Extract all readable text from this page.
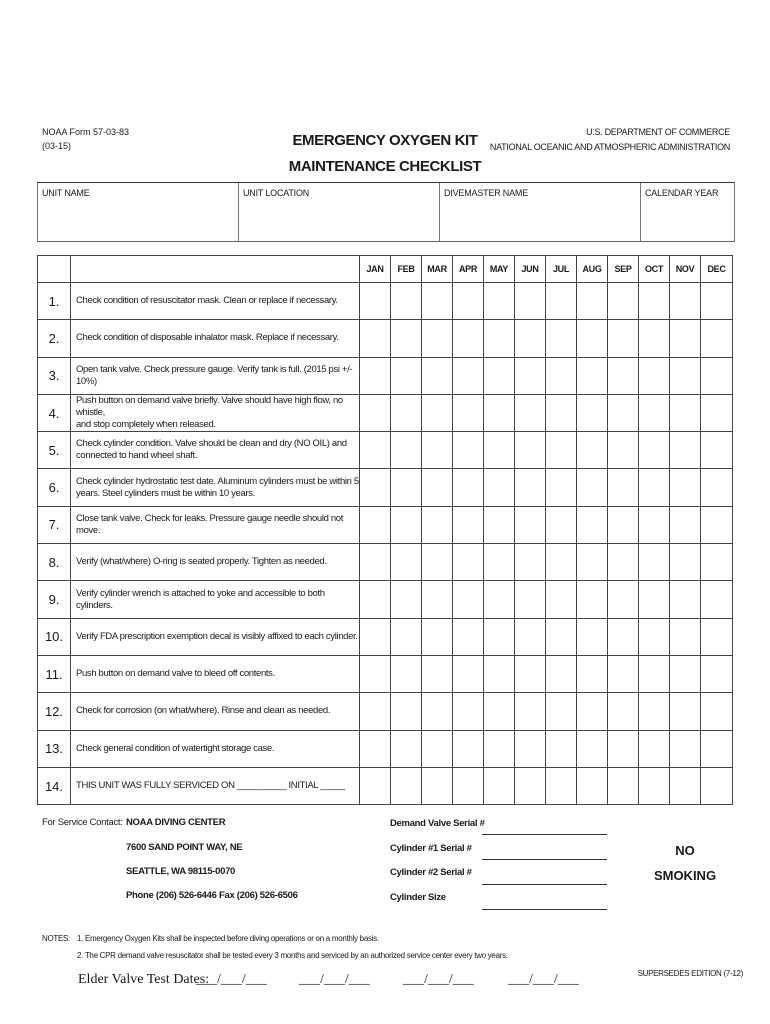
NOAA Form 57-03-83
(03-15)	EMERGENCY OXYGEN KIT
MAINTENANCE CHECKLIST
U.S. DEPARTMENT OF COMMERCE
NATIONAL OCEANIC AND ATMOSPHERIC ADMINISTRATION
UNIT NAME	UNIT LOCATION	DIVEMASTER NAME	CALENDAR YEAR
		JAN	FEB	MAR	APR	MAY	JUN	JUL	AUG	SEP	OCT	NOV	DEC
1.	Check condition of resuscitator mask. Clean or replace if necessary.												

2.	Check condition of disposable inhalator mask. Replace if necessary.												

3.	Open tank valve. Check pressure gauge. Verify tank is full. (2015 psi +/- 10%)												

4.	Push button on demand valve briefly. Valve should have high flow, no whistle,
and stop completely when released.												

5.	Check cylinder condition. Valve should be clean and dry (NO OIL) and
connected to hand wheel shaft.												

6.	Check cylinder hydrostatic test date. Aluminum cylinders must be within 5
years. Steel cylinders must be within 10 years.												

7.	Close tank valve. Check for leaks. Pressure gauge needle should not move.												

8.	Verify (what/where) O-ring is seated properly. Tighten as needed.												

9.	Verify cylinder wrench is attached to yoke and accessible to both cylinders.												

10.	Verify FDA prescription exemption decal is visibly affixed to each cylinder.												

11.	Push button on demand valve to bleed off contents.												

12.	Check for corrosion (on what/where). Rinse and clean as needed.												

13.	Check general condition of watertight storage case.												

14.	THIS UNIT WAS FULLY SERVICED ON __________ INITIAL _____												

For Service Contact: NOAA DIVING CENTER
7600 SAND POINT WAY, NE
SEATTLE, WA 98115-0070
Phone (206) 526-6446 Fax (206) 526-6506
Demand Valve Serial #
Cylinder #1 Serial #
Cylinder #2 Serial #
Cylinder Size
NO
SMOKING
NOTES: 1. Emergency Oxygen Kits shall be inspected before diving operations or on a monthly basis.
2. The CPR demand valve resuscitator shall be tested every 3 months and serviced by an authorized service center every two years.
SUPERSEDES EDITION (7-12)
Elder Valve Test Dates:
___/___/___ ___/___/___ ___/___/___ ___/___/___
